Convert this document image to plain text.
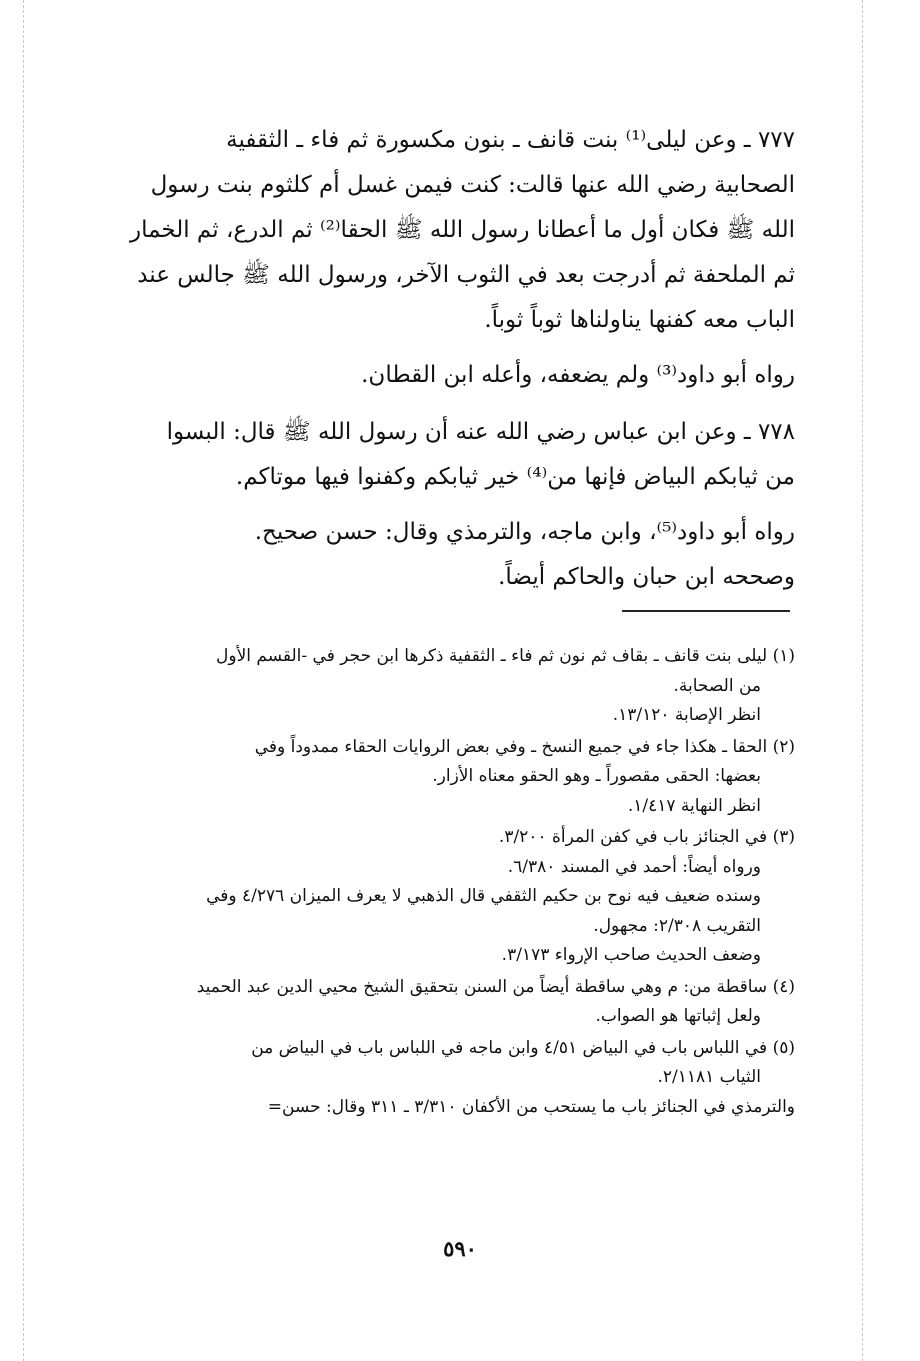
٧٧٧ ـ وعن ليلى⁽¹⁾ بنت قانف ـ بنون مكسورة ثم فاء ـ الثقفية
الصحابية رضي الله عنها قالت: كنت فيمن غسل أم كلثوم بنت رسول
الله ﷺ فكان أول ما أعطانا رسول الله ﷺ الحقا⁽²⁾ ثم الدرع، ثم الخمار
ثم الملحفة ثم أدرجت بعد في الثوب الآخر، ورسول الله ﷺ جالس عند
الباب معه كفنها يناولناها ثوباً ثوباً.

رواه أبو داود⁽³⁾ ولم يضعفه، وأعله ابن القطان.

٧٧٨ ـ وعن ابن عباس رضي الله عنه أن رسول الله ﷺ قال: البسوا
من ثيابكم البياض فإنها من⁽⁴⁾ خير ثيابكم وكفنوا فيها موتاكم.

رواه أبو داود⁽⁵⁾، وابن ماجه، والترمذي وقال: حسن صحيح.
وصححه ابن حبان والحاكم أيضاً.

(١) ليلى بنت قانف ـ بقاف ثم نون ثم فاء ـ الثقفية ذكرها ابن حجر في -القسم الأول
من الصحابة.
انظر الإصابة ١٣/١٢٠.
(٢) الحقا ـ هكذا جاء في جميع النسخ ـ وفي بعض الروايات الحقاء ممدوداً وفي
بعضها: الحقى مقصوراً ـ وهو الحقو معناه الأزار.
انظر النهاية ١/٤١٧.
(٣) في الجنائز باب في كفن المرأة ٣/٢٠٠.
ورواه أيضاً: أحمد في المسند ٦/٣٨٠.
وسنده ضعيف فيه نوح بن حكيم الثقفي قال الذهبي لا يعرف الميزان ٤/٢٧٦ وفي
التقريب ٢/٣٠٨: مجهول.
وضعف الحديث صاحب الإرواء ٣/١٧٣.
(٤) ساقطة من: م وهي ساقطة أيضاً من السنن بتحقيق الشيخ محيي الدين عبد الحميد
ولعل إثباتها هو الصواب.
(٥) في اللباس باب في البياض ٤/٥١ وابن ماجه في اللباس باب في البياض من
الثياب ٢/١١٨١.
والترمذي في الجنائز باب ما يستحب من الأكفان ٣/٣١٠ ـ ٣١١ وقال: حسن=
٥٩٠
